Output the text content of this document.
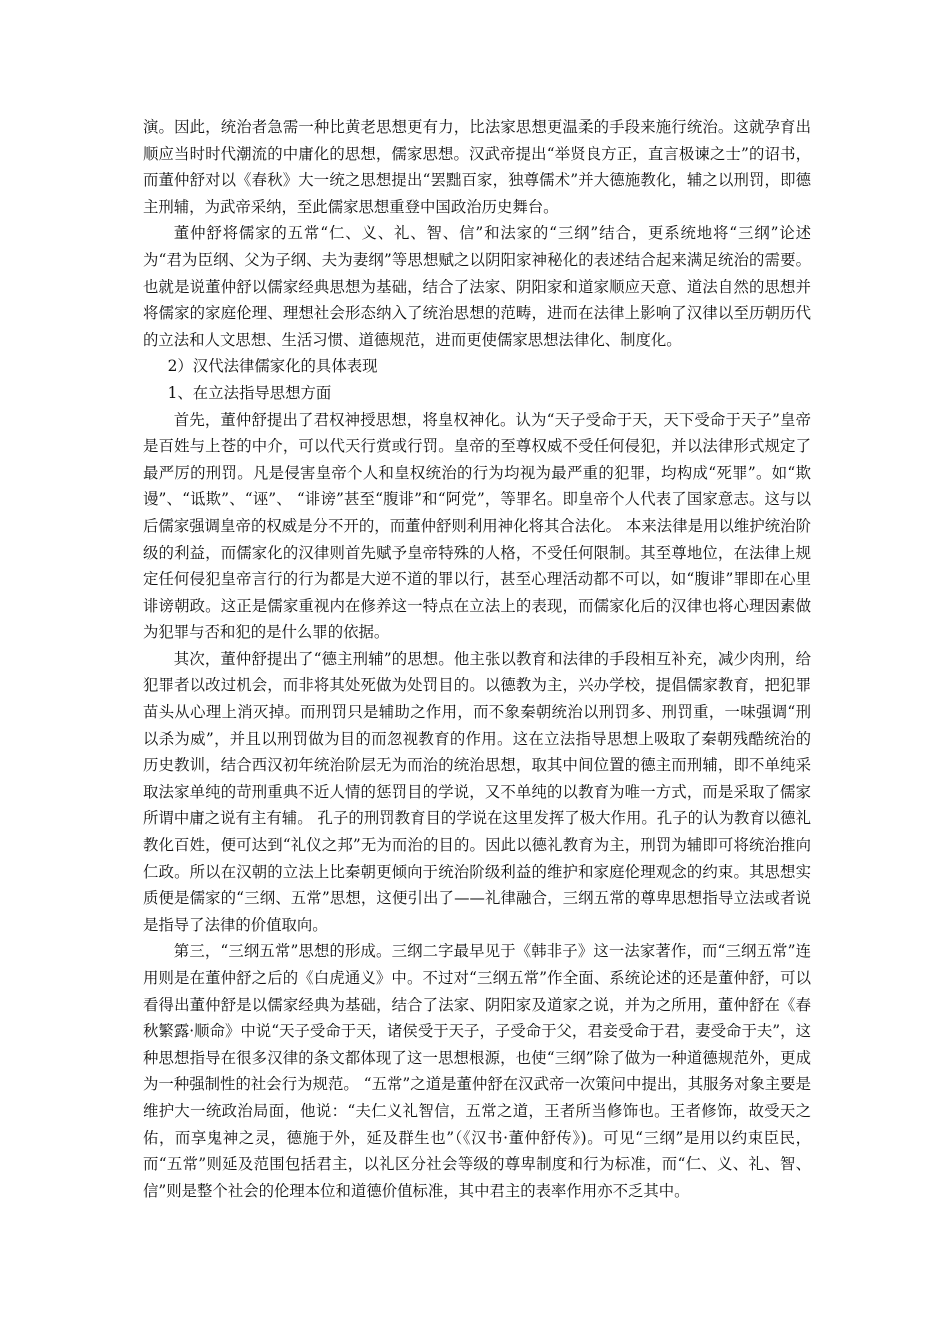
演。因此，统治者急需一种比黄老思想更有力，比法家思想更温柔的手段来施行统治。这就孕育出顺应当时时代潮流的中庸化的思想，儒家思想。汉武帝提出“举贤良方正，直言极谏之士”的诏书，而董仲舒对以《春秋》大一统之思想提出“罢黜百家，独尊儒术”并大德施教化，辅之以刑罚，即德主刑辅，为武帝采纳，至此儒家思想重登中国政治历史舞台。

董仲舒将儒家的五常“仁、义、礼、智、信”和法家的“三纲”结合，更系统地将“三纲”论述为“君为臣纲、父为子纲、夫为妻纲”等思想赋之以阴阳家神秘化的表述结合起来满足统治的需要。也就是说董仲舒以儒家经典思想为基础，结合了法家、阴阳家和道家顺应天意、道法自然的思想并将儒家的家庭伦理、理想社会形态纳入了统治思想的范畴，进而在法律上影响了汉律以至历朝历代的立法和人文思想、生活习惯、道德规范，进而更使儒家思想法律化、制度化。

2）汉代法律儒家化的具体表现

1、在立法指导思想方面

首先，董仲舒提出了君权神授思想，将皇权神化。认为“天子受命于天，天下受命于天子”皇帝是百姓与上苍的中介，可以代天行赏或行罚。皇帝的至尊权威不受任何侵犯，并以法律形式规定了最严厉的刑罚。凡是侵害皇帝个人和皇权统治的行为均视为最严重的犯罪，均构成“死罪”。如“欺谩”、“诋欺”、“诬”、 “诽谤”甚至“腹诽”和“阿党”，等罪名。即皇帝个人代表了国家意志。这与以后儒家强调皇帝的权威是分不开的，而董仲舒则利用神化将其合法化。 本来法律是用以维护统治阶级的利益，而儒家化的汉律则首先赋予皇帝特殊的人格，不受任何限制。其至尊地位，在法律上规定任何侵犯皇帝言行的行为都是大逆不道的罪以行，甚至心理活动都不可以，如“腹诽”罪即在心里诽谤朝政。这正是儒家重视内在修养这一特点在立法上的表现，而儒家化后的汉律也将心理因素做为犯罪与否和犯的是什么罪的依据。

其次，董仲舒提出了“德主刑辅”的思想。他主张以教育和法律的手段相互补充，减少肉刑，给犯罪者以改过机会，而非将其处死做为处罚目的。以德教为主，兴办学校，提倡儒家教育，把犯罪苗头从心理上消灭掉。而刑罚只是辅助之作用，而不象秦朝统治以刑罚多、刑罚重，一味强调“刑以杀为威”，并且以刑罚做为目的而忽视教育的作用。这在立法指导思想上吸取了秦朝残酷统治的历史教训，结合西汉初年统治阶层无为而治的统治思想，取其中间位置的德主而刑辅，即不单纯采取法家单纯的苛刑重典不近人情的惩罚目的学说，又不单纯的以教育为唯一方式，而是采取了儒家所谓中庸之说有主有辅。 孔子的刑罚教育目的学说在这里发挥了极大作用。孔子的认为教育以德礼教化百姓，便可达到“礼仪之邦”无为而治的目的。因此以德礼教育为主，刑罚为辅即可将统治推向仁政。所以在汉朝的立法上比秦朝更倾向于统治阶级利益的维护和家庭伦理观念的约束。其思想实质便是儒家的“三纲、五常”思想，这便引出了——礼律融合，三纲五常的尊卑思想指导立法或者说是指导了法律的价值取向。

第三，“三纲五常”思想的形成。三纲二字最早见于《韩非子》这一法家著作，而“三纲五常”连用则是在董仲舒之后的《白虎通义》中。不过对“三纲五常”作全面、系统论述的还是董仲舒，可以看得出董仲舒是以儒家经典为基础，结合了法家、阴阳家及道家之说，并为之所用，董仲舒在《春秋繁露·顺命》中说“天子受命于天，诸侯受于天子，子受命于父，君妾受命于君，妻受命于夫”，这种思想指导在很多汉律的条文都体现了这一思想根源，也使“三纲”除了做为一种道德规范外，更成为一种强制性的社会行为规范。 “五常”之道是董仲舒在汉武帝一次策问中提出，其服务对象主要是维护大一统政治局面，他说：“夫仁义礼智信，五常之道，王者所当修饰也。王者修饰，故受天之佑，而享鬼神之灵，德施于外，延及群生也”（《汉书·董仲舒传》)。可见“三纲”是用以约束臣民，而“五常”则延及范围包括君主，以礼区分社会等级的尊卑制度和行为标准，而“仁、义、礼、智、信”则是整个社会的伦理本位和道德价值标准，其中君主的表率作用亦不乏其中。
